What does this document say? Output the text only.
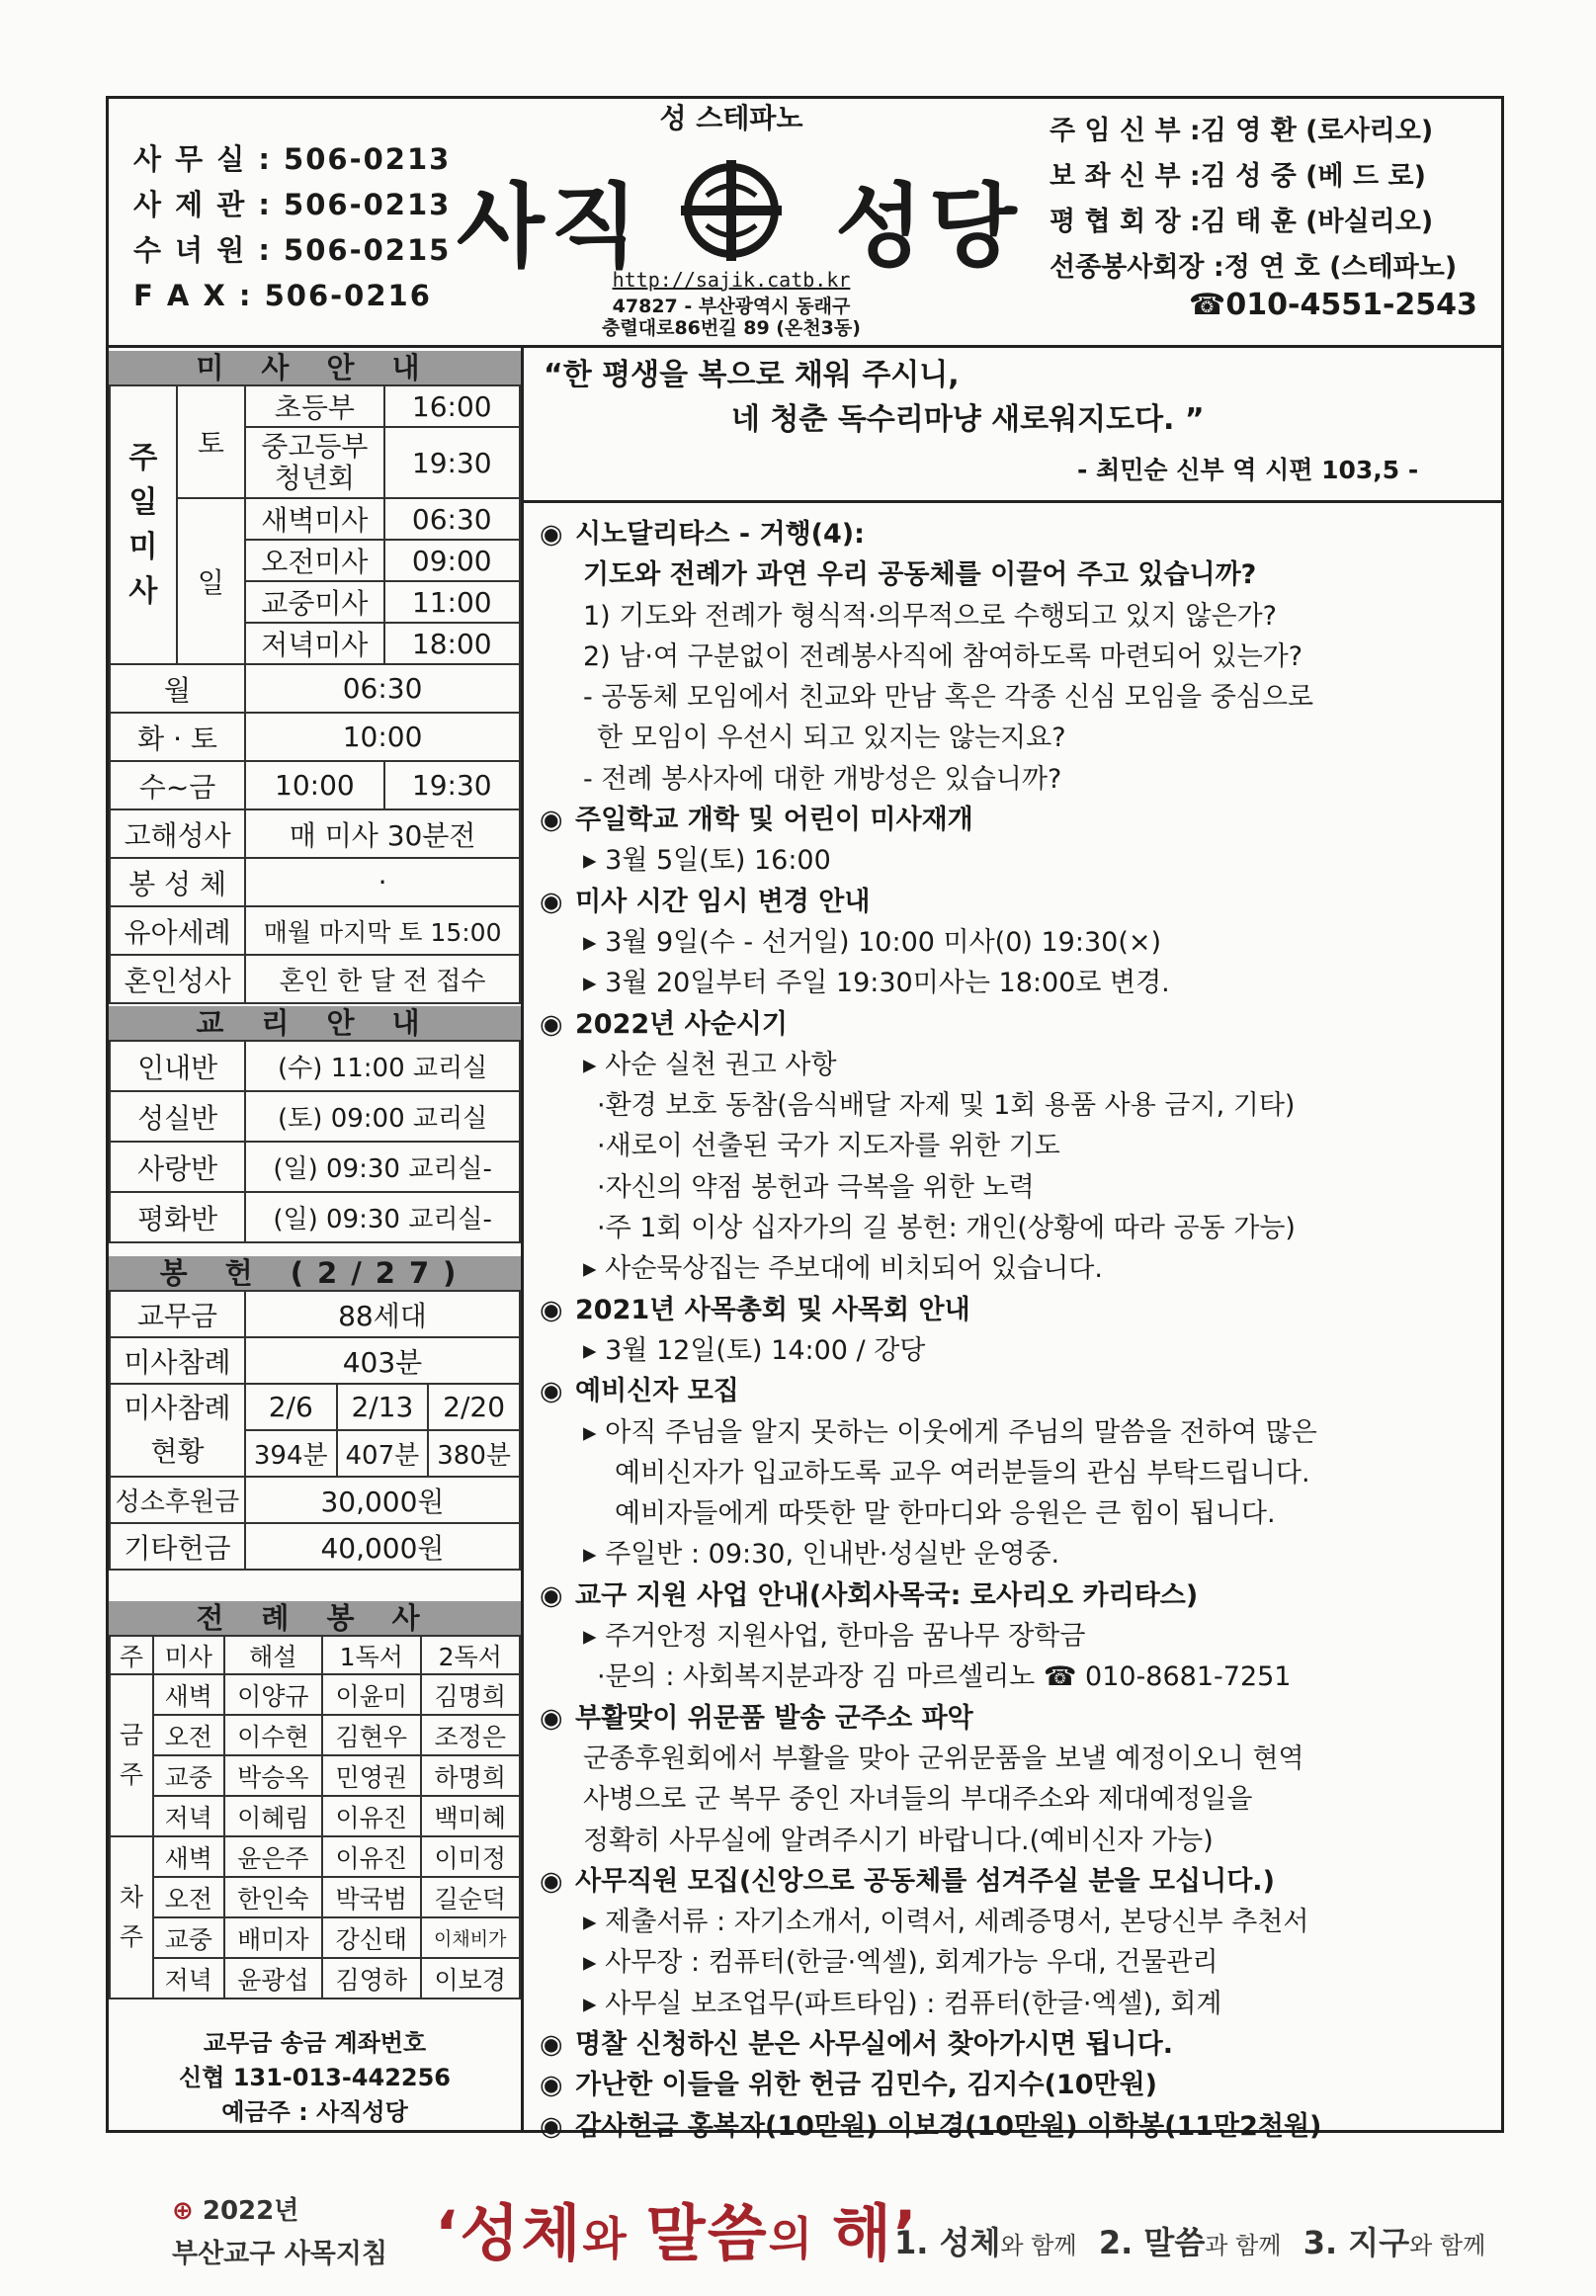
사 무 실 : 506-0213
사 제 관 : 506-0213
수 녀 원 : 506-0215
F A X : 506-0216
성 스테파노
사직 성당
http://sajik.catb.kr
47827 - 부산광역시 동래구
충렬대로86번길 89 (온천3동)
주 임 신 부 :김 영 환 (로사리오)
보 좌 신 부 :김 성 중 (베 드 로)
평 협 회 장 :김 태 훈 (바실리오)
선종봉사회장 :정 연 호 (스테파노)
☎010-4551-2543
미 사 안 내
주
일
미
사	토	초등부	16:00
		중고등부 청년회	19:30
	일	새벽미사	06:30
		오전미사	09:00
		교중미사	11:00
		저녁미사	18:00
월		06:30	
화 · 토		10:00	
수~금		10:00	19:30
고해성사		매 미사 30분전	
봉 성 체		·	
유아세례		매월 마지막 토 15:00	
혼인성사		혼인 한 달 전 접수	
교 리 안 내
인내반	(수) 11:00 교리실
성실반	(토) 09:00 교리실
사랑반	(일) 09:30 교리실-
평화반	(일) 09:30 교리실-
봉 헌 (2/27)
교무금	88세대		
미사참례	403분		
미사참례 현황	2/6	2/13	2/20
	394분	407분	380분
성소후원금	30,000원		
기타헌금	40,000원		
전 례 봉 사
주	미사	해설	1독서	2독서
금주	새벽	이양규	이윤미	김명희
	오전	이수현	김현우	조정은
	교중	박승옥	민영권	하명희
	저녁	이혜림	이유진	백미혜
차주	새벽	윤은주	이유진	이미정
	오전	한인숙	박국범	길순덕
	교중	배미자	강신태	이채비가
	저녁	윤광섭	김영하	이보경
교무금 송금 계좌번호
신협 131-013-442256
예금주 : 사직성당
“한 평생을 복으로 채워 주시니,
네 청춘 독수리마냥 새로워지도다. ”
- 최민순 신부 역 시편 103,5 -
◉ 시노달리타스 - 거행(4):
기도와 전례가 과연 우리 공동체를 이끌어 주고 있습니까?
1) 기도와 전례가 형식적·의무적으로 수행되고 있지 않은가?
2) 남·여 구분없이 전례봉사직에 참여하도록 마련되어 있는가?
- 공동체 모임에서 친교와 만남 혹은 각종 신심 모임을 중심으로
한 모임이 우선시 되고 있지는 않는지요?
- 전례 봉사자에 대한 개방성은 있습니까?
◉ 주일학교 개학 및 어린이 미사재개
▸ 3월 5일(토) 16:00
◉ 미사 시간 임시 변경 안내
▸ 3월 9일(수 - 선거일) 10:00 미사(0) 19:30(×)
▸ 3월 20일부터 주일 19:30미사는 18:00로 변경.
◉ 2022년 사순시기
▸ 사순 실천 권고 사항
·환경 보호 동참(음식배달 자제 및 1회 용품 사용 금지, 기타)
·새로이 선출된 국가 지도자를 위한 기도
·자신의 약점 봉헌과 극복을 위한 노력
·주 1회 이상 십자가의 길 봉헌: 개인(상황에 따라 공동 가능)
▸ 사순묵상집는 주보대에 비치되어 있습니다.
◉ 2021년 사목총회 및 사목회 안내
▸ 3월 12일(토) 14:00 / 강당
◉ 예비신자 모집
▸ 아직 주님을 알지 못하는 이웃에게 주님의 말씀을 전하여 많은
예비신자가 입교하도록 교우 여러분들의 관심 부탁드립니다.
예비자들에게 따뜻한 말 한마디와 응원은 큰 힘이 됩니다.
▸ 주일반 : 09:30, 인내반·성실반 운영중.
◉ 교구 지원 사업 안내(사회사목국: 로사리오 카리타스)
▸ 주거안정 지원사업, 한마음 꿈나무 장학금
·문의 : 사회복지분과장 김 마르셀리노 ☎ 010-8681-7251
◉ 부활맞이 위문품 발송 군주소 파악
군종후원회에서 부활을 맞아 군위문품을 보낼 예정이오니 현역
사병으로 군 복무 중인 자녀들의 부대주소와 제대예정일을
정확히 사무실에 알려주시기 바랍니다.(예비신자 가능)
◉ 사무직원 모집(신앙으로 공동체를 섬겨주실 분을 모십니다.)
▸ 제출서류 : 자기소개서, 이력서, 세례증명서, 본당신부 추천서
▸ 사무장 : 컴퓨터(한글·엑셀), 회계가능 우대, 건물관리
▸ 사무실 보조업무(파트타임) : 컴퓨터(한글·엑셀), 회계
◉ 명찰 신청하신 분은 사무실에서 찾아가시면 됩니다.
◉ 가난한 이들을 위한 헌금 김민수, 김지수(10만원)
◉ 감사헌금 홍복자(10만원) 이보경(10만원) 이학봉(11만2천원)
⊕ 2022년
부산교구 사목지침 ‘성체와 말씀의 해’
1. 성체와 함께 2. 말씀과 함께 3. 지구와 함께
